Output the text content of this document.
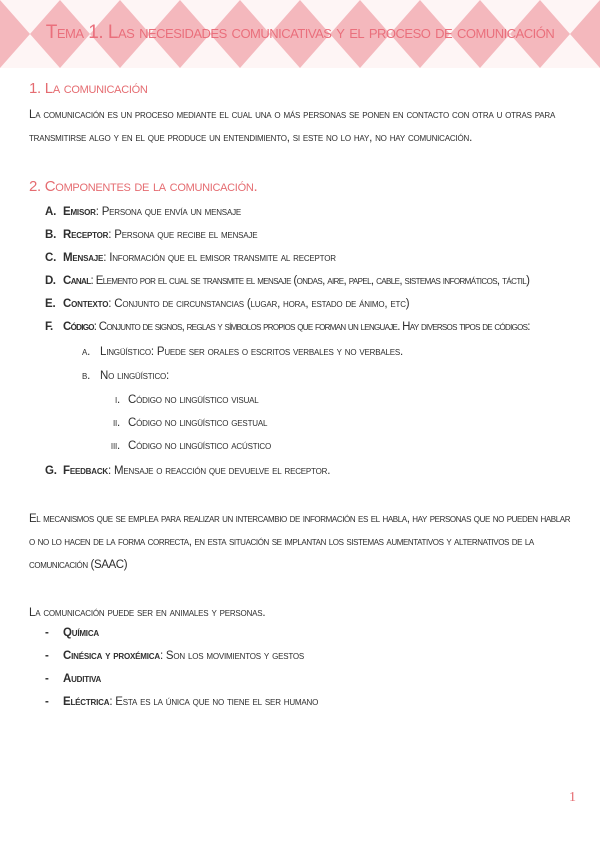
Tema 1. Las necesidades comunicativas y el proceso de comunicación
1. La comunicación
La comunicación es un proceso mediante el cual una o más personas se ponen en contacto con otra u otras para transmitirse algo y en el que produce un entendimiento, si este no lo hay, no hay comunicación.
2. Componentes de la comunicación.
A. Emisor: Persona que envía un mensaje
B. Receptor: Persona que recibe el mensaje
C. Mensaje: Información que el emisor transmite al receptor
D. Canal: Elemento por el cual se transmite el mensaje (ondas, aire, papel, cable, sistemas informáticos, táctil)
E. Contexto: Conjunto de circunstancias (lugar, hora, estado de ánimo, etc)
F. Código: Conjunto de signos, reglas y símbolos propios que forman un lenguaje. Hay diversos tipos de códigos:
a. Lingüístico: Puede ser orales o escritos verbales y no verbales.
b. No lingüístico:
i. Código no lingüístico visual
ii. Código no lingüístico gestual
iii. Código no lingüístico acústico
G. Feedback: Mensaje o reacción que devuelve el receptor.
El mecanismos que se emplea para realizar un intercambio de información es el habla, hay personas que no pueden hablar o no lo hacen de la forma correcta, en esta situación se implantan los sistemas aumentativos y alternativos de la comunicación (SAAC)
La comunicación puede ser en animales y personas.
- Química
- Cinésica y proxémica: Son los movimientos y gestos
- Auditiva
- Eléctrica: Esta es la única que no tiene el ser humano
1
